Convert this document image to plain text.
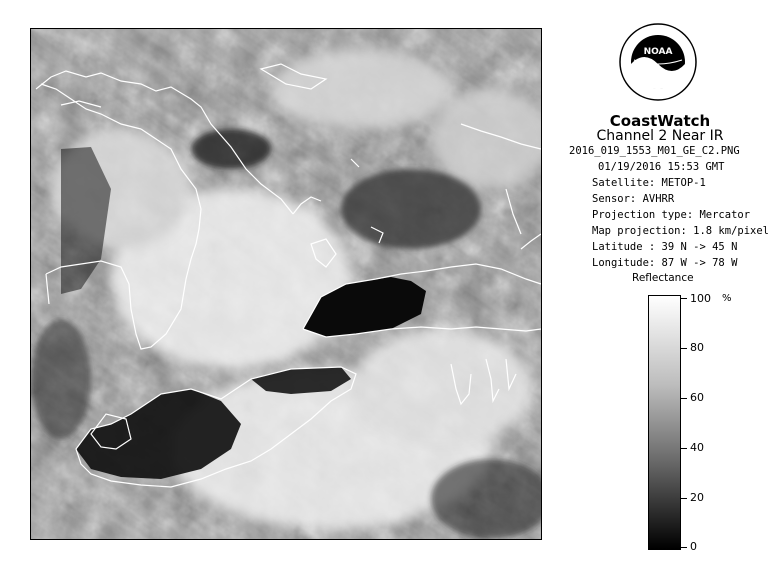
NOAA
CoastWatch
Channel 2 Near IR
2016_019_1553_M01_GE_C2.PNG
01/19/2016 15:53 GMT
Satellite: METOP-1
Sensor: AVHRR
Projection type: Mercator
Map projection: 1.8 km/pixel
Latitude : 39 N -> 45 N
Longitude: 87 W -> 78 W
Reflectance
%
100
80
60
40
20
0
